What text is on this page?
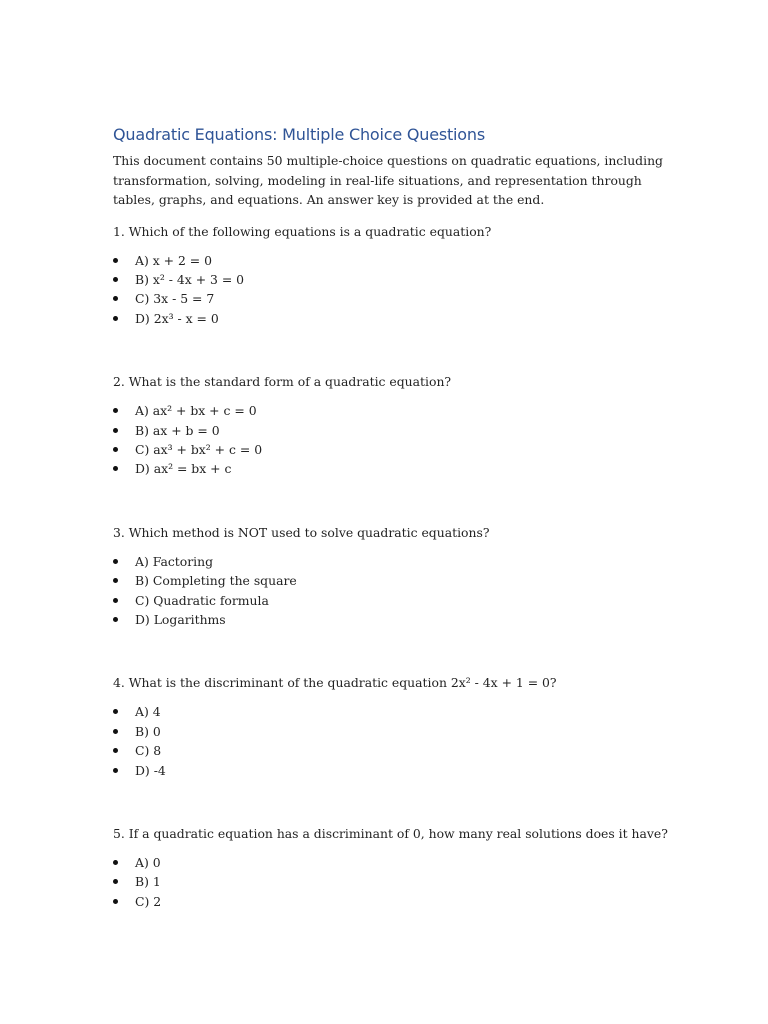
Quadratic Equations: Multiple Choice Questions

This document contains 50 multiple-choice questions on quadratic equations, including transformation, solving, modeling in real-life situations, and representation through tables, graphs, and equations. An answer key is provided at the end.

1. Which of the following equations is a quadratic equation?

A) x + 2 = 0
B) x² - 4x + 3 = 0
C) 3x - 5 = 7
D) 2x³ - x = 0

2. What is the standard form of a quadratic equation?

A) ax² + bx + c = 0
B) ax + b = 0
C) ax³ + bx² + c = 0
D) ax² = bx + c

3. Which method is NOT used to solve quadratic equations?

A) Factoring
B) Completing the square
C) Quadratic formula
D) Logarithms

4. What is the discriminant of the quadratic equation 2x² - 4x + 1 = 0?

A) 4
B) 0
C) 8
D) -4

5. If a quadratic equation has a discriminant of 0, how many real solutions does it have?

A) 0
B) 1
C) 2
